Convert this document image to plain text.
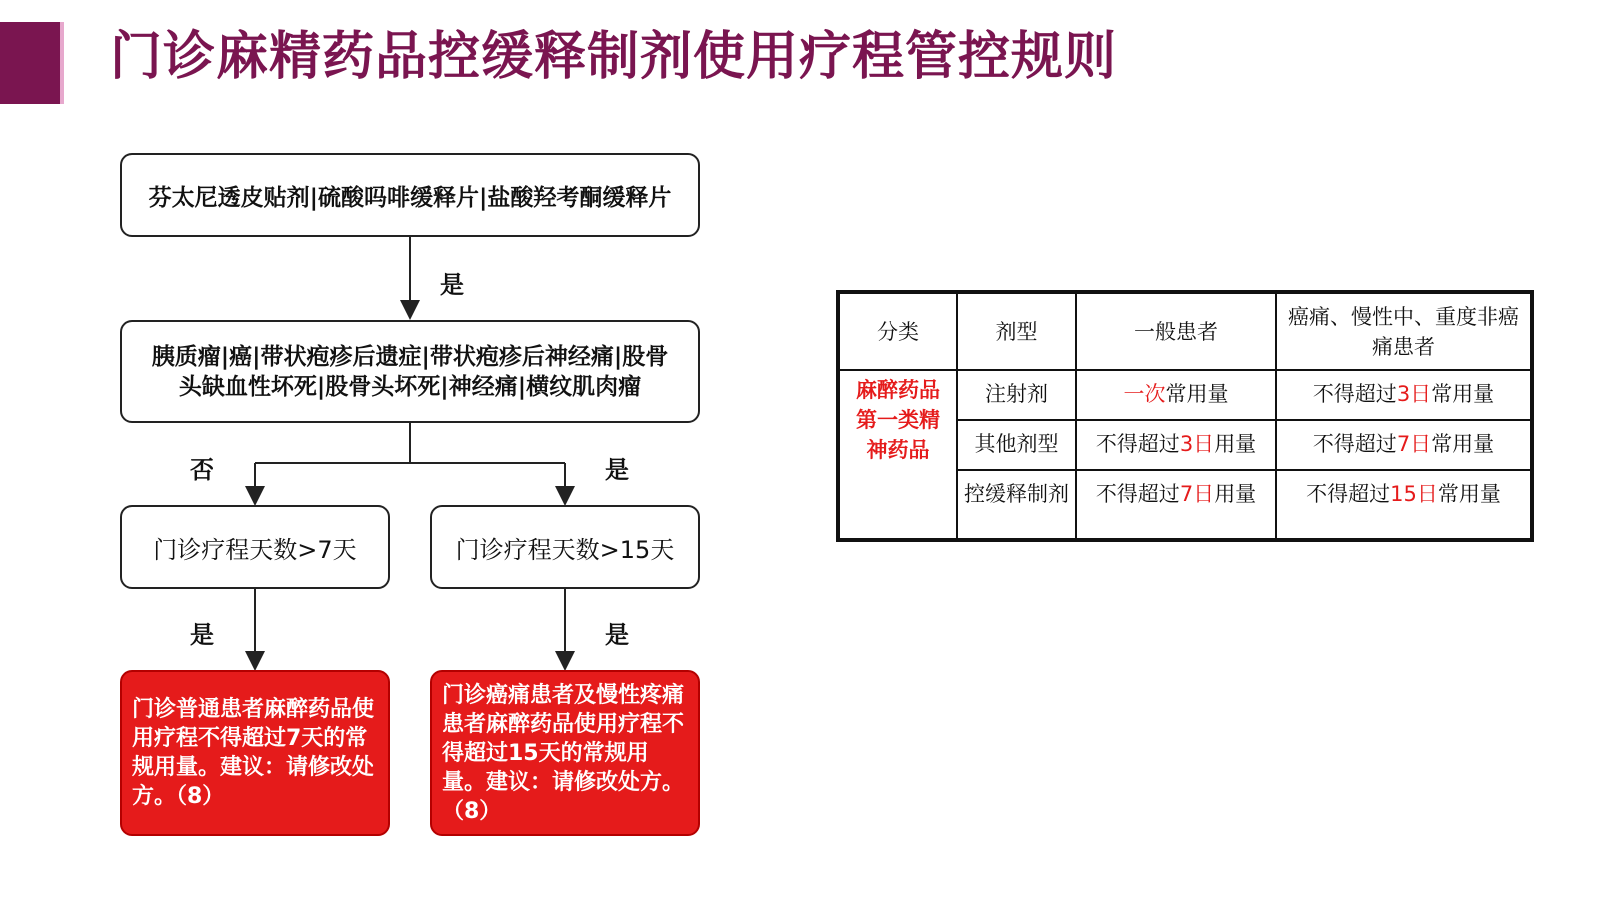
门诊麻精药品控缓释制剂使用疗程管控规则
芬太尼透皮贴剂|硫酸吗啡缓释片|盐酸羟考酮缓释片
胰质瘤|癌|带状疱疹后遗症|带状疱疹后神经痛|股骨
头缺血性坏死|股骨头坏死|神经痛|横纹肌肉瘤
门诊疗程天数>7天	门诊疗程天数>15天
门诊普通患者麻醉药品使用疗程不得超过7天的常规用量。建议：请修改处方。（8）
门诊癌痛患者及慢性疼痛患者麻醉药品使用疗程不得超过15天的常规用量。建议：请修改处方。（8）
是
否	是
是	是
分类	剂型	一般患者	癌痛、慢性中、重度非癌痛患者
麻醉药品第一类精神药品	注射剂	一次常用量	不得超过3日常用量
	其他剂型	不得超过3日用量	不得超过7日常用量
	控缓释制剂	不得超过7日用量	不得超过15日常用量
